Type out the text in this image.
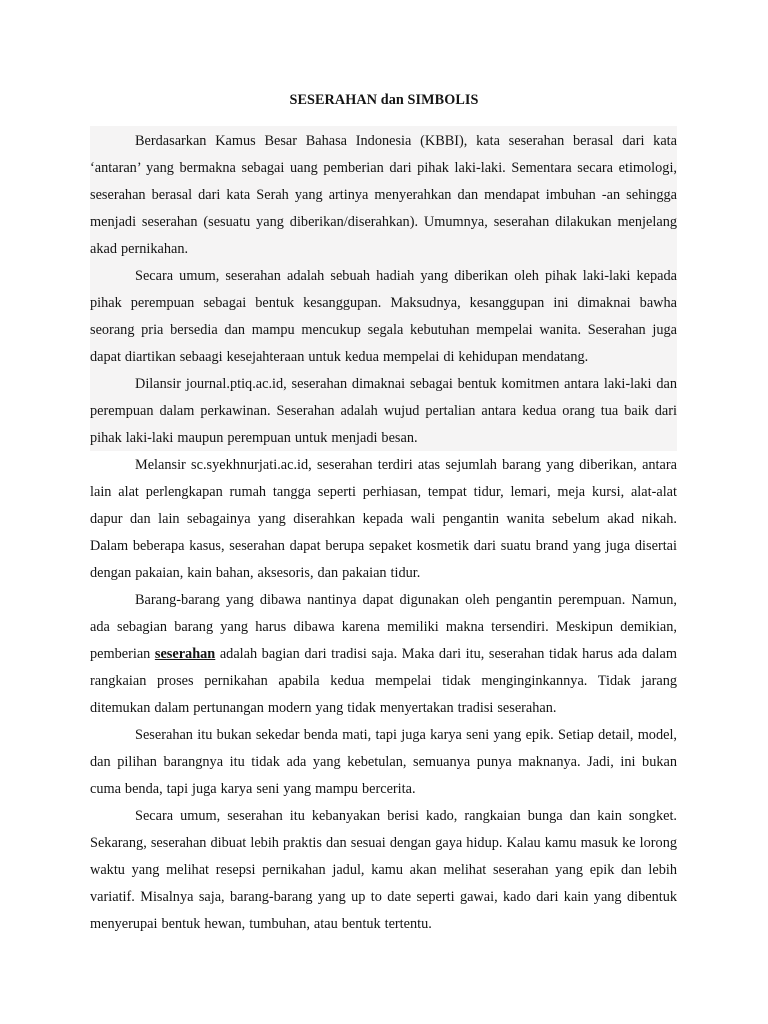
SESERAHAN dan SIMBOLIS

Berdasarkan Kamus Besar Bahasa Indonesia (KBBI), kata seserahan berasal dari kata ‘antaran’ yang bermakna sebagai uang pemberian dari pihak laki-laki. Sementara secara etimologi, seserahan berasal dari kata Serah yang artinya menyerahkan dan mendapat imbuhan -an sehingga menjadi seserahan (sesuatu yang diberikan/diserahkan). Umumnya, seserahan dilakukan menjelang akad pernikahan.

Secara umum, seserahan adalah sebuah hadiah yang diberikan oleh pihak laki-laki kepada pihak perempuan sebagai bentuk kesanggupan. Maksudnya, kesanggupan ini dimaknai bawha seorang pria bersedia dan mampu mencukup segala kebutuhan mempelai wanita. Seserahan juga dapat diartikan sebaagi kesejahteraan untuk kedua mempelai di kehidupan mendatang.

Dilansir journal.ptiq.ac.id, seserahan dimaknai sebagai bentuk komitmen antara laki-laki dan perempuan dalam perkawinan. Seserahan adalah wujud pertalian antara kedua orang tua baik dari pihak laki-laki maupun perempuan untuk menjadi besan.

Melansir sc.syekhnurjati.ac.id, seserahan terdiri atas sejumlah barang yang diberikan, antara lain alat perlengkapan rumah tangga seperti perhiasan, tempat tidur, lemari, meja kursi, alat-alat dapur dan lain sebagainya yang diserahkan kepada wali pengantin wanita sebelum akad nikah. Dalam beberapa kasus, seserahan dapat berupa sepaket kosmetik dari suatu brand yang juga disertai dengan pakaian, kain bahan, aksesoris, dan pakaian tidur.

Barang-barang yang dibawa nantinya dapat digunakan oleh pengantin perempuan. Namun, ada sebagian barang yang harus dibawa karena memiliki makna tersendiri. Meskipun demikian, pemberian seserahan adalah bagian dari tradisi saja. Maka dari itu, seserahan tidak harus ada dalam rangkaian proses pernikahan apabila kedua mempelai tidak menginginkannya. Tidak jarang ditemukan dalam pertunangan modern yang tidak menyertakan tradisi seserahan.

Seserahan itu bukan sekedar benda mati, tapi juga karya seni yang epik. Setiap detail, model, dan pilihan barangnya itu tidak ada yang kebetulan, semuanya punya maknanya. Jadi, ini bukan cuma benda, tapi juga karya seni yang mampu bercerita.

Secara umum, seserahan itu kebanyakan berisi kado, rangkaian bunga dan kain songket. Sekarang, seserahan dibuat lebih praktis dan sesuai dengan gaya hidup. Kalau kamu masuk ke lorong waktu yang melihat resepsi pernikahan jadul, kamu akan melihat seserahan yang epik dan lebih variatif. Misalnya saja, barang-barang yang up to date seperti gawai, kado dari kain yang dibentuk menyerupai bentuk hewan, tumbuhan, atau bentuk tertentu.
